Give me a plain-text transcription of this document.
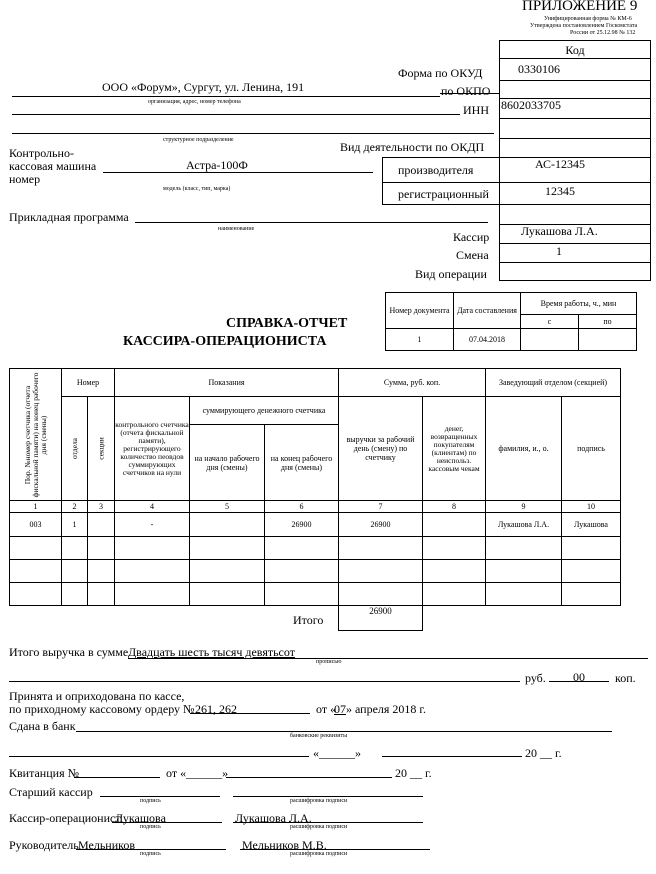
ПРИЛОЖЕНИЕ 9
Унифицированная форма № КМ-6
Утверждена постановлением Госкомстата
России от 25.12.98 № 132
Код
Форма по ОКУД	0330106
по ОКПО
ИНН 8602033705
Вид деятельности по ОКДП
производителя	АС-12345
регистрационный	12345
Кассир	Лукашова Л.А.
Смена	1
Вид операции
ООО «Форум», Сургут, ул. Ленина, 191
организация, адрес, номер телефона
структурное подразделение
Контрольно-
кассовая машина
номер
Астра-100Ф
модель (класс, тип, марка)
Прикладная программа
наименование
СПРАВКА-ОТЧЕТ
КАССИРА-ОПЕРАЦИОНИСТА
Номер документа	Дата составления	Время работы, ч., мин	
		с	по
1	07.04.2018		
Пор. №номер счетчика (отчета фискальной памяти) на конец рабочего дня (смены)	Номер		Показания			Сумма, руб. коп.		Заведующий отделом (секцией)	

	отдела	секции	контрольного счетчика (отчета фискальной памяти), регистрирующего количество пеовдов суммирующих счетчиков на нули	суммирующего денежного счетчика		выручки за рабочий день (смену) по счетчику	денег, возвращенных покупателям (клиентам) по неиспольз. кассовым чекам	фамилия, и., о.	подпись
				на начало рабочего дня (смены)	на конец рабочего дня (смены)				
1	2	3	4	5	6	7	8	9	10
003	1		-		26900	26900		Лукашова Л.А.	Лукашова

Итого
26900
Итого выручка в сумме Двадцать шесть тысяч девятьсот
прописью
руб.	00	коп.
Принята и оприходована по кассе,
по приходному кассовому ордеру № 261, 262	от «
07 » апреля 2018 г.
Сдана в банк
банковские реквизиты
«______»	20 __ г.
Квитанция №	от «______»	20 __ г.
Старший кассир
подпись	расшифровка подписи
Кассир-операционист
Лукашова	Лукашова Л.А.
подпись	расшифровка подписи
Руководитель Мельников	Мельников М.В.
подпись	расшифровка подписи
